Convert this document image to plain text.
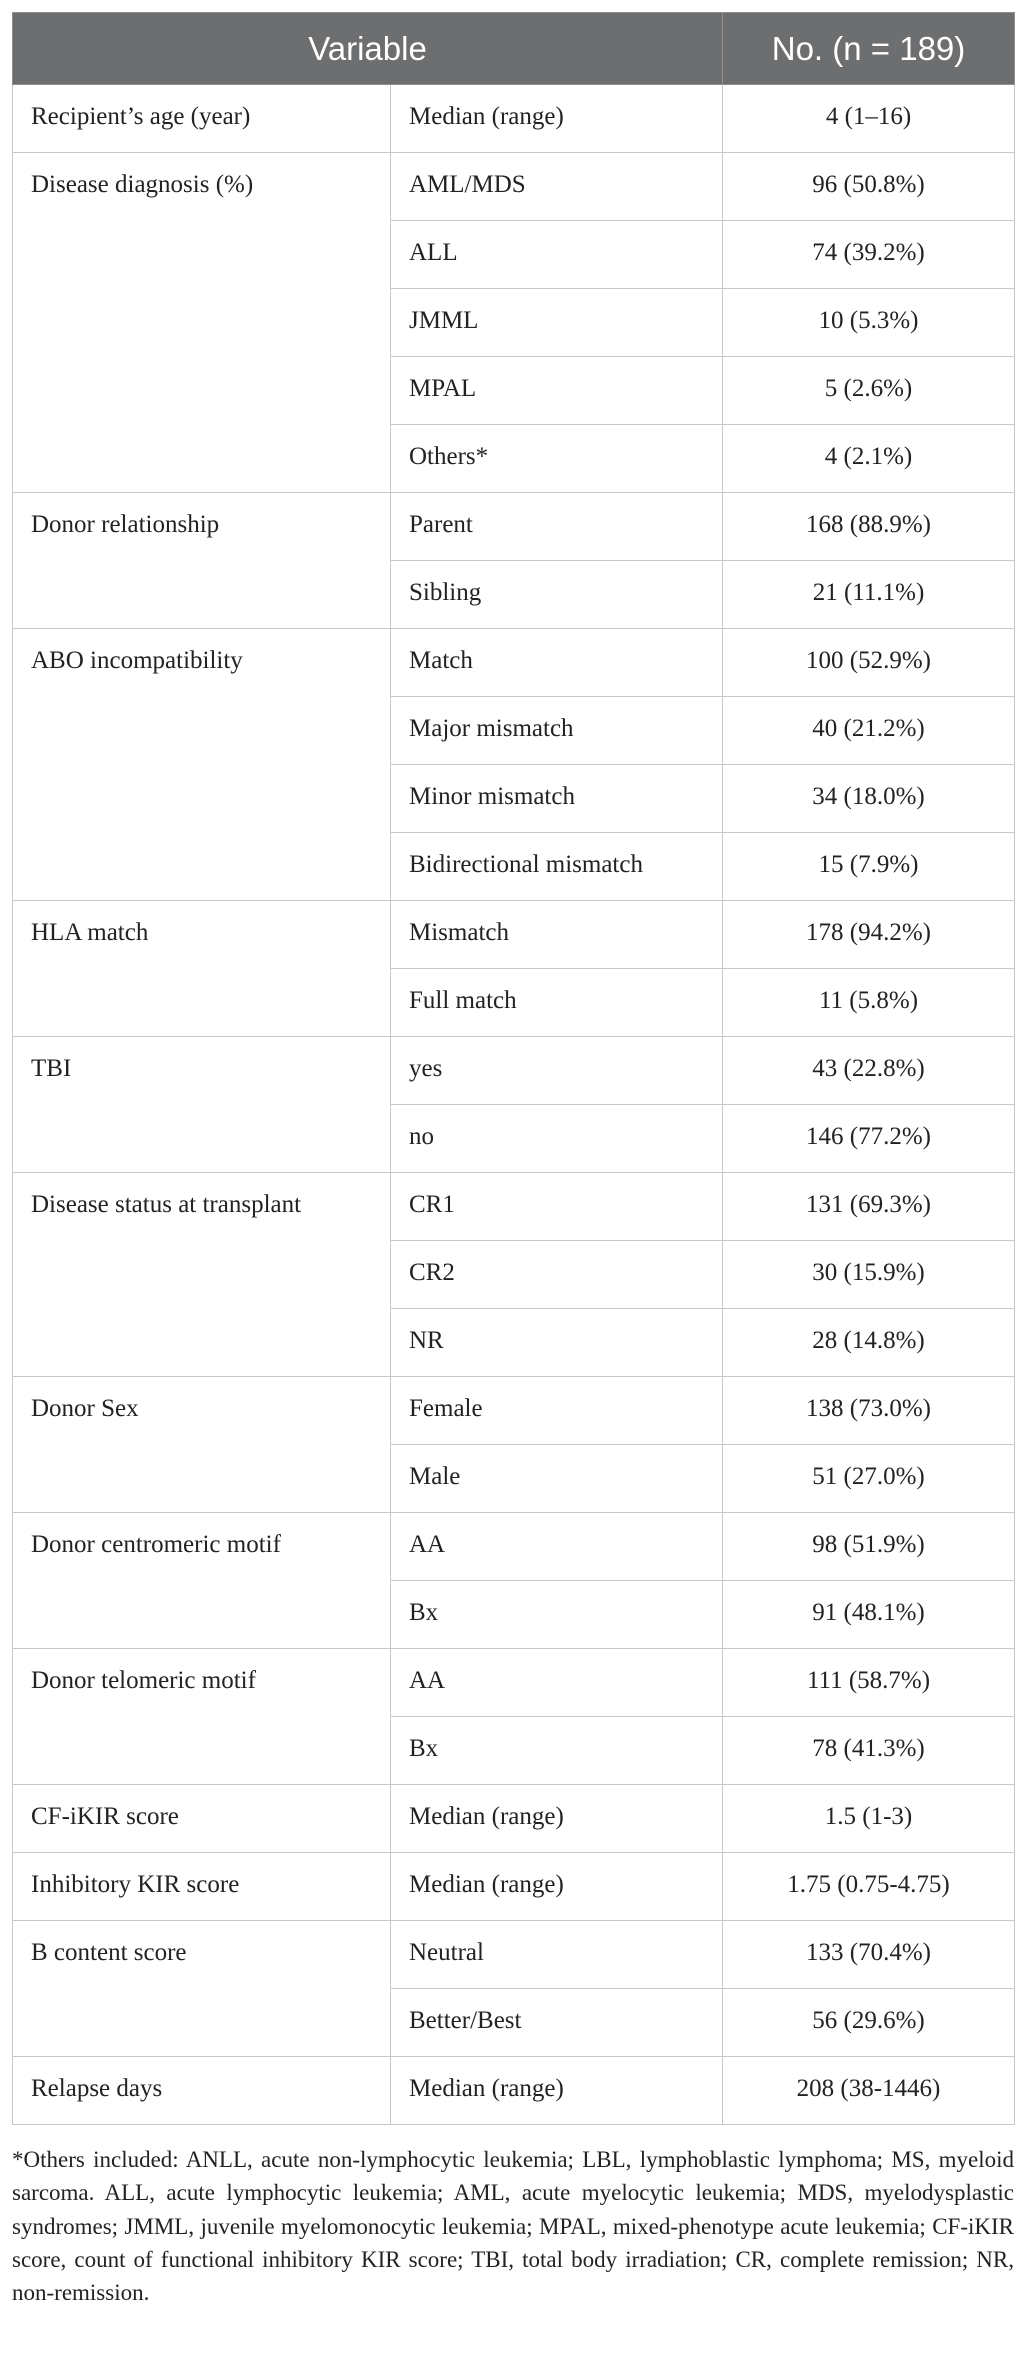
Variable		No. (n = 189)
Recipient’s age (year)	Median (range)	4 (1–16)
Disease diagnosis (%)	AML/MDS	96 (50.8%)
	ALL	74 (39.2%)
	JMML	10 (5.3%)
	MPAL	5 (2.6%)
	Others*	4 (2.1%)
Donor relationship	Parent	168 (88.9%)
	Sibling	21 (11.1%)
ABO incompatibility	Match	100 (52.9%)
	Major mismatch	40 (21.2%)
	Minor mismatch	34 (18.0%)
	Bidirectional mismatch	15 (7.9%)
HLA match	Mismatch	178 (94.2%)
	Full match	11 (5.8%)
TBI	yes	43 (22.8%)
	no	146 (77.2%)
Disease status at transplant	CR1	131 (69.3%)
	CR2	30 (15.9%)
	NR	28 (14.8%)
Donor Sex	Female	138 (73.0%)
	Male	51 (27.0%)
Donor centromeric motif	AA	98 (51.9%)
	Bx	91 (48.1%)
Donor telomeric motif	AA	111 (58.7%)
	Bx	78 (41.3%)
CF-iKIR score	Median (range)	1.5 (1-3)
Inhibitory KIR score	Median (range)	1.75 (0.75-4.75)
B content score	Neutral	133 (70.4%)
	Better/Best	56 (29.6%)
Relapse days	Median (range)	208 (38-1446)
*Others included: ANLL, acute non-lymphocytic leukemia; LBL, lymphoblastic lymphoma; MS, myeloid sarcoma. ALL, acute lymphocytic leukemia; AML, acute myelocytic leukemia; MDS, myelodysplastic syndromes; JMML, juvenile myelomonocytic leukemia; MPAL, mixed-phenotype acute leukemia; CF-iKIR score, count of functional inhibitory KIR score; TBI, total body irradiation; CR, complete remission; NR, non-remission.
